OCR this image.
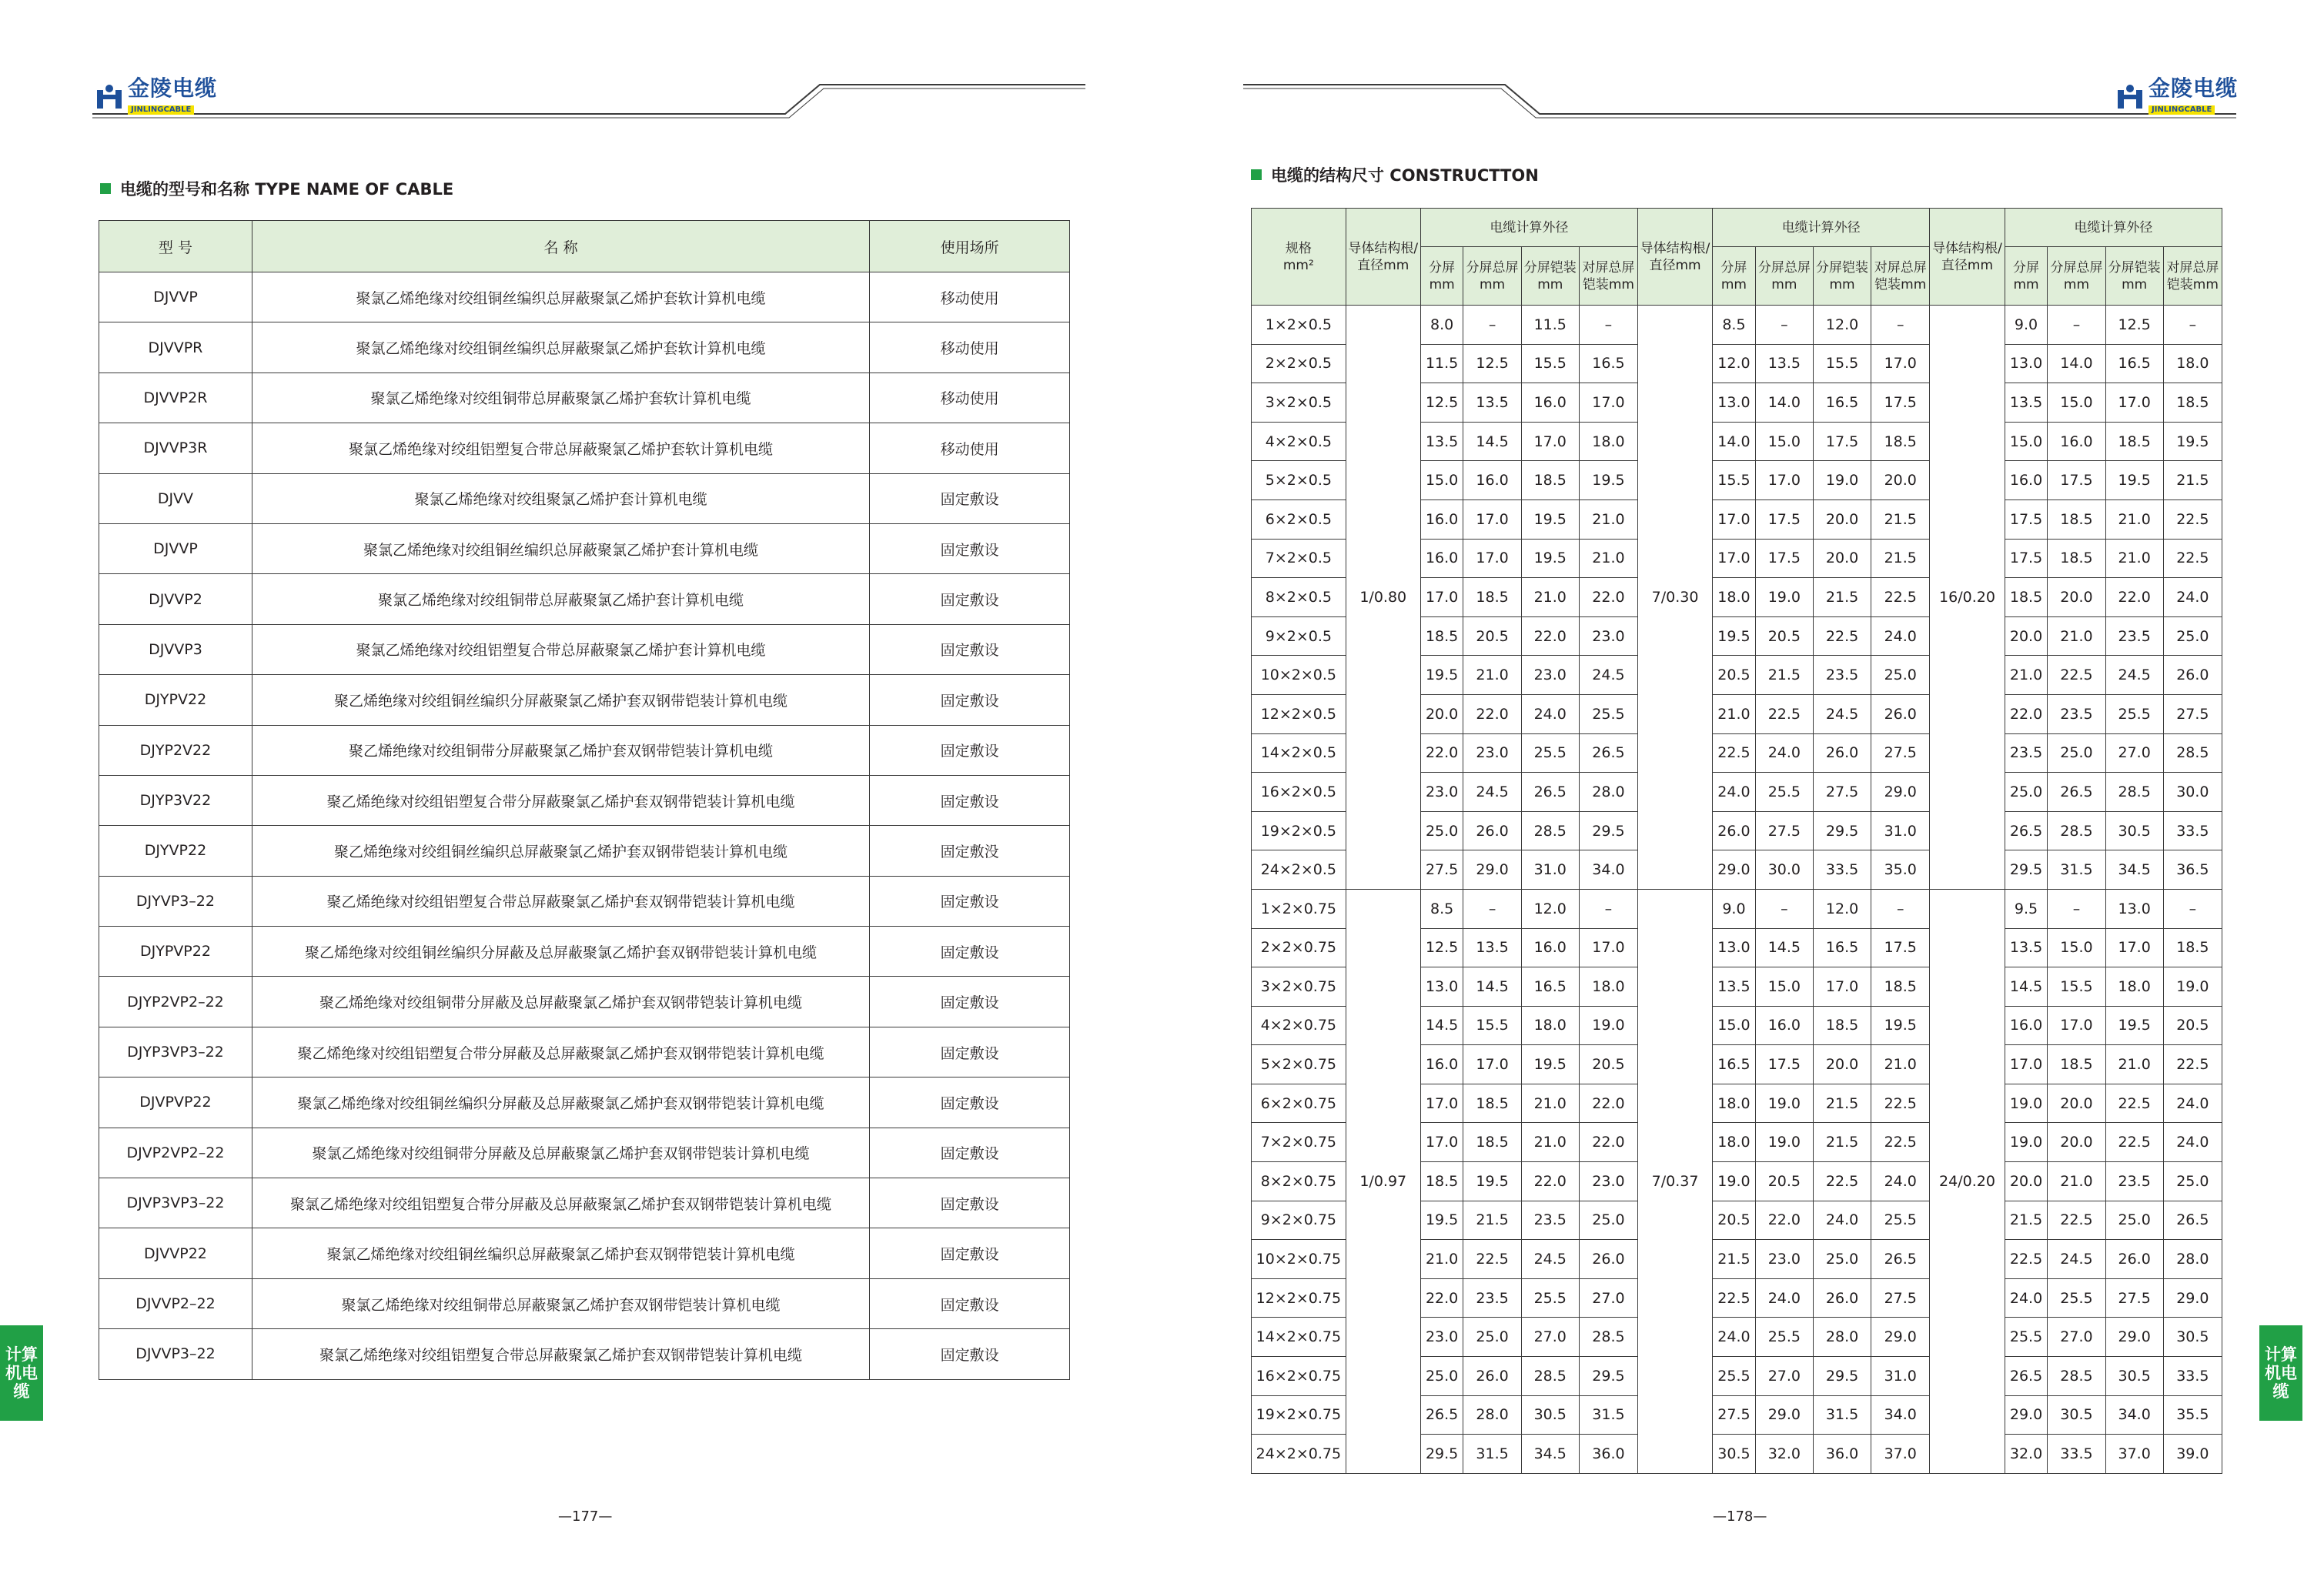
金陵电缆
JINLINGCABLE
电缆的型号和名称 TYPE NAME OF CABLE
型 号	名 称	使用场所
DJVVP	聚氯乙烯绝缘对绞组铜丝编织总屏蔽聚氯乙烯护套软计算机电缆	移动使用
DJVVPR	聚氯乙烯绝缘对绞组铜丝编织总屏蔽聚氯乙烯护套软计算机电缆	移动使用
DJVVP2R	聚氯乙烯绝缘对绞组铜带总屏蔽聚氯乙烯护套软计算机电缆	移动使用
DJVVP3R	聚氯乙烯绝缘对绞组铝塑复合带总屏蔽聚氯乙烯护套软计算机电缆	移动使用
DJVV	聚氯乙烯绝缘对绞组聚氯乙烯护套计算机电缆	固定敷设
DJVVP	聚氯乙烯绝缘对绞组铜丝编织总屏蔽聚氯乙烯护套计算机电缆	固定敷设
DJVVP2	聚氯乙烯绝缘对绞组铜带总屏蔽聚氯乙烯护套计算机电缆	固定敷设
DJVVP3	聚氯乙烯绝缘对绞组铝塑复合带总屏蔽聚氯乙烯护套计算机电缆	固定敷设
DJYPV22	聚乙烯绝缘对绞组铜丝编织分屏蔽聚氯乙烯护套双钢带铠装计算机电缆	固定敷设
DJYP2V22	聚乙烯绝缘对绞组铜带分屏蔽聚氯乙烯护套双钢带铠装计算机电缆	固定敷设
DJYP3V22	聚乙烯绝缘对绞组铝塑复合带分屏蔽聚氯乙烯护套双钢带铠装计算机电缆	固定敷设
DJYVP22	聚乙烯绝缘对绞组铜丝编织总屏蔽聚氯乙烯护套双钢带铠装计算机电缆	固定敷没
DJYVP3–22	聚乙烯绝缘对绞组铝塑复合带总屏蔽聚氯乙烯护套双钢带铠装计算机电缆	固定敷设
DJYPVP22	聚乙烯绝缘对绞组铜丝编织分屏蔽及总屏蔽聚氯乙烯护套双钢带铠装计算机电缆	固定敷设
DJYP2VP2–22	聚乙烯绝缘对绞组铜带分屏蔽及总屏蔽聚氯乙烯护套双钢带铠装计算机电缆	固定敷设
DJYP3VP3–22	聚乙烯绝缘对绞组铝塑复合带分屏蔽及总屏蔽聚氯乙烯护套双钢带铠装计算机电缆	固定敷设
DJVPVP22	聚氯乙烯绝缘对绞组铜丝编织分屏蔽及总屏蔽聚氯乙烯护套双钢带铠装计算机电缆	固定敷设
DJVP2VP2–22	聚氯乙烯绝缘对绞组铜带分屏蔽及总屏蔽聚氯乙烯护套双钢带铠装计算机电缆	固定敷设
DJVP3VP3–22	聚氯乙烯绝缘对绞组铝塑复合带分屏蔽及总屏蔽聚氯乙烯护套双钢带铠装计算机电缆	固定敷设
DJVVP22	聚氯乙烯绝缘对绞组铜丝编织总屏蔽聚氯乙烯护套双钢带铠装计算机电缆	固定敷设
DJVVP2–22	聚氯乙烯绝缘对绞组铜带总屏蔽聚氯乙烯护套双钢带铠装计算机电缆	固定敷设
DJVVP3–22	聚氯乙烯绝缘对绞组铝塑复合带总屏蔽聚氯乙烯护套双钢带铠装计算机电缆	固定敷设
计算机电缆
—177—
金陵电缆
JINLINGCABLE
电缆的结构尺寸 CONSTRUCTTON
规格
mm²	导体结构根/直径mm	电缆计算外径				导体结构根/直径mm	电缆计算外径				导体结构根/直径mm	电缆计算外径			
		分屏mm	分屏总屏mm	分屏铠装mm	对屏总屏铠装mm		分屏mm	分屏总屏mm	分屏铠装mm	对屏总屏铠装mm		分屏mm	分屏总屏mm	分屏铠装mm	对屏总屏铠装mm
1×2×0.5	1/0.80	8.0	–	11.5	–	7/0.30	8.5	–	12.0	–	16/0.20	9.0	–	12.5	–
2×2×0.5		11.5	12.5	15.5	16.5		12.0	13.5	15.5	17.0		13.0	14.0	16.5	18.0
3×2×0.5		12.5	13.5	16.0	17.0		13.0	14.0	16.5	17.5		13.5	15.0	17.0	18.5
4×2×0.5		13.5	14.5	17.0	18.0		14.0	15.0	17.5	18.5		15.0	16.0	18.5	19.5
5×2×0.5		15.0	16.0	18.5	19.5		15.5	17.0	19.0	20.0		16.0	17.5	19.5	21.5
6×2×0.5		16.0	17.0	19.5	21.0		17.0	17.5	20.0	21.5		17.5	18.5	21.0	22.5
7×2×0.5		16.0	17.0	19.5	21.0		17.0	17.5	20.0	21.5		17.5	18.5	21.0	22.5
8×2×0.5		17.0	18.5	21.0	22.0		18.0	19.0	21.5	22.5		18.5	20.0	22.0	24.0
9×2×0.5		18.5	20.5	22.0	23.0		19.5	20.5	22.5	24.0		20.0	21.0	23.5	25.0
10×2×0.5		19.5	21.0	23.0	24.5		20.5	21.5	23.5	25.0		21.0	22.5	24.5	26.0
12×2×0.5		20.0	22.0	24.0	25.5		21.0	22.5	24.5	26.0		22.0	23.5	25.5	27.5
14×2×0.5		22.0	23.0	25.5	26.5		22.5	24.0	26.0	27.5		23.5	25.0	27.0	28.5
16×2×0.5		23.0	24.5	26.5	28.0		24.0	25.5	27.5	29.0		25.0	26.5	28.5	30.0
19×2×0.5		25.0	26.0	28.5	29.5		26.0	27.5	29.5	31.0		26.5	28.5	30.5	33.5
24×2×0.5		27.5	29.0	31.0	34.0		29.0	30.0	33.5	35.0		29.5	31.5	34.5	36.5
1×2×0.75	1/0.97	8.5	–	12.0	–	7/0.37	9.0	–	12.0	–	24/0.20	9.5	–	13.0	–
2×2×0.75		12.5	13.5	16.0	17.0		13.0	14.5	16.5	17.5		13.5	15.0	17.0	18.5
3×2×0.75		13.0	14.5	16.5	18.0		13.5	15.0	17.0	18.5		14.5	15.5	18.0	19.0
4×2×0.75		14.5	15.5	18.0	19.0		15.0	16.0	18.5	19.5		16.0	17.0	19.5	20.5
5×2×0.75		16.0	17.0	19.5	20.5		16.5	17.5	20.0	21.0		17.0	18.5	21.0	22.5
6×2×0.75		17.0	18.5	21.0	22.0		18.0	19.0	21.5	22.5		19.0	20.0	22.5	24.0
7×2×0.75		17.0	18.5	21.0	22.0		18.0	19.0	21.5	22.5		19.0	20.0	22.5	24.0
8×2×0.75		18.5	19.5	22.0	23.0		19.0	20.5	22.5	24.0		20.0	21.0	23.5	25.0
9×2×0.75		19.5	21.5	23.5	25.0		20.5	22.0	24.0	25.5		21.5	22.5	25.0	26.5
10×2×0.75		21.0	22.5	24.5	26.0		21.5	23.0	25.0	26.5		22.5	24.5	26.0	28.0
12×2×0.75		22.0	23.5	25.5	27.0		22.5	24.0	26.0	27.5		24.0	25.5	27.5	29.0
14×2×0.75		23.0	25.0	27.0	28.5		24.0	25.5	28.0	29.0		25.5	27.0	29.0	30.5
16×2×0.75		25.0	26.0	28.5	29.5		25.5	27.0	29.5	31.0		26.5	28.5	30.5	33.5
19×2×0.75		26.5	28.0	30.5	31.5		27.5	29.0	31.5	34.0		29.0	30.5	34.0	35.5
24×2×0.75		29.5	31.5	34.5	36.0		30.5	32.0	36.0	37.0		32.0	33.5	37.0	39.0
计算机电缆
—178—
